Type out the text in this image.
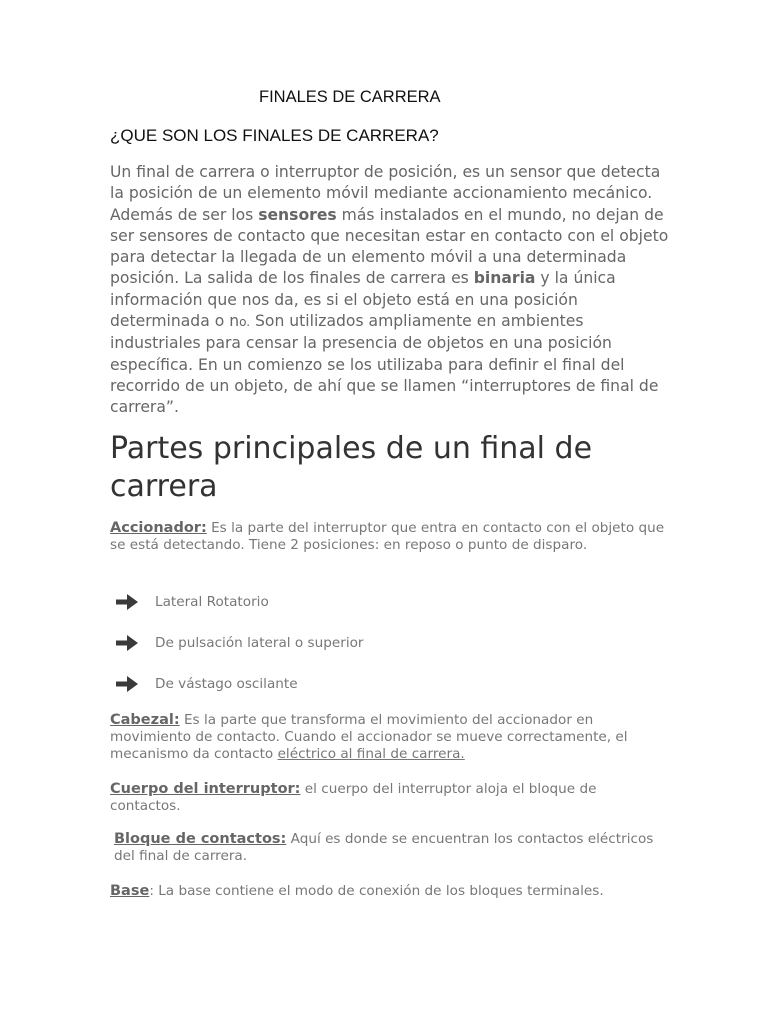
FINALES DE CARRERA
¿QUE SON LOS FINALES DE CARRERA?

Un final de carrera o interruptor de posición, es un sensor que detecta la posición de un elemento móvil mediante accionamiento mecánico. Además de ser los sensores más instalados en el mundo, no dejan de ser sensores de contacto que necesitan estar en contacto con el objeto para detectar la llegada de un elemento móvil a una determinada posición. La salida de los finales de carrera es binaria y la única información que nos da, es si el objeto está en una posición determinada o no. Son utilizados ampliamente en ambientes industriales para censar la presencia de objetos en una posición específica. En un comienzo se los utilizaba para definir el final del recorrido de un objeto, de ahí que se llamen “interruptores de final de carrera”.

Partes principales de un final de carrera

Accionador: Es la parte del interruptor que entra en contacto con el objeto que se está detectando. Tiene 2 posiciones: en reposo o punto de disparo.

Lateral Rotatorio
De pulsación lateral o superior
De vástago oscilante

Cabezal: Es la parte que transforma el movimiento del accionador en movimiento de contacto. Cuando el accionador se mueve correctamente, el mecanismo da contacto eléctrico al final de carrera.

Cuerpo del interruptor: el cuerpo del interruptor aloja el bloque de contactos.

Bloque de contactos: Aquí es donde se encuentran los contactos eléctricos del final de carrera.

Base: La base contiene el modo de conexión de los bloques terminales.
